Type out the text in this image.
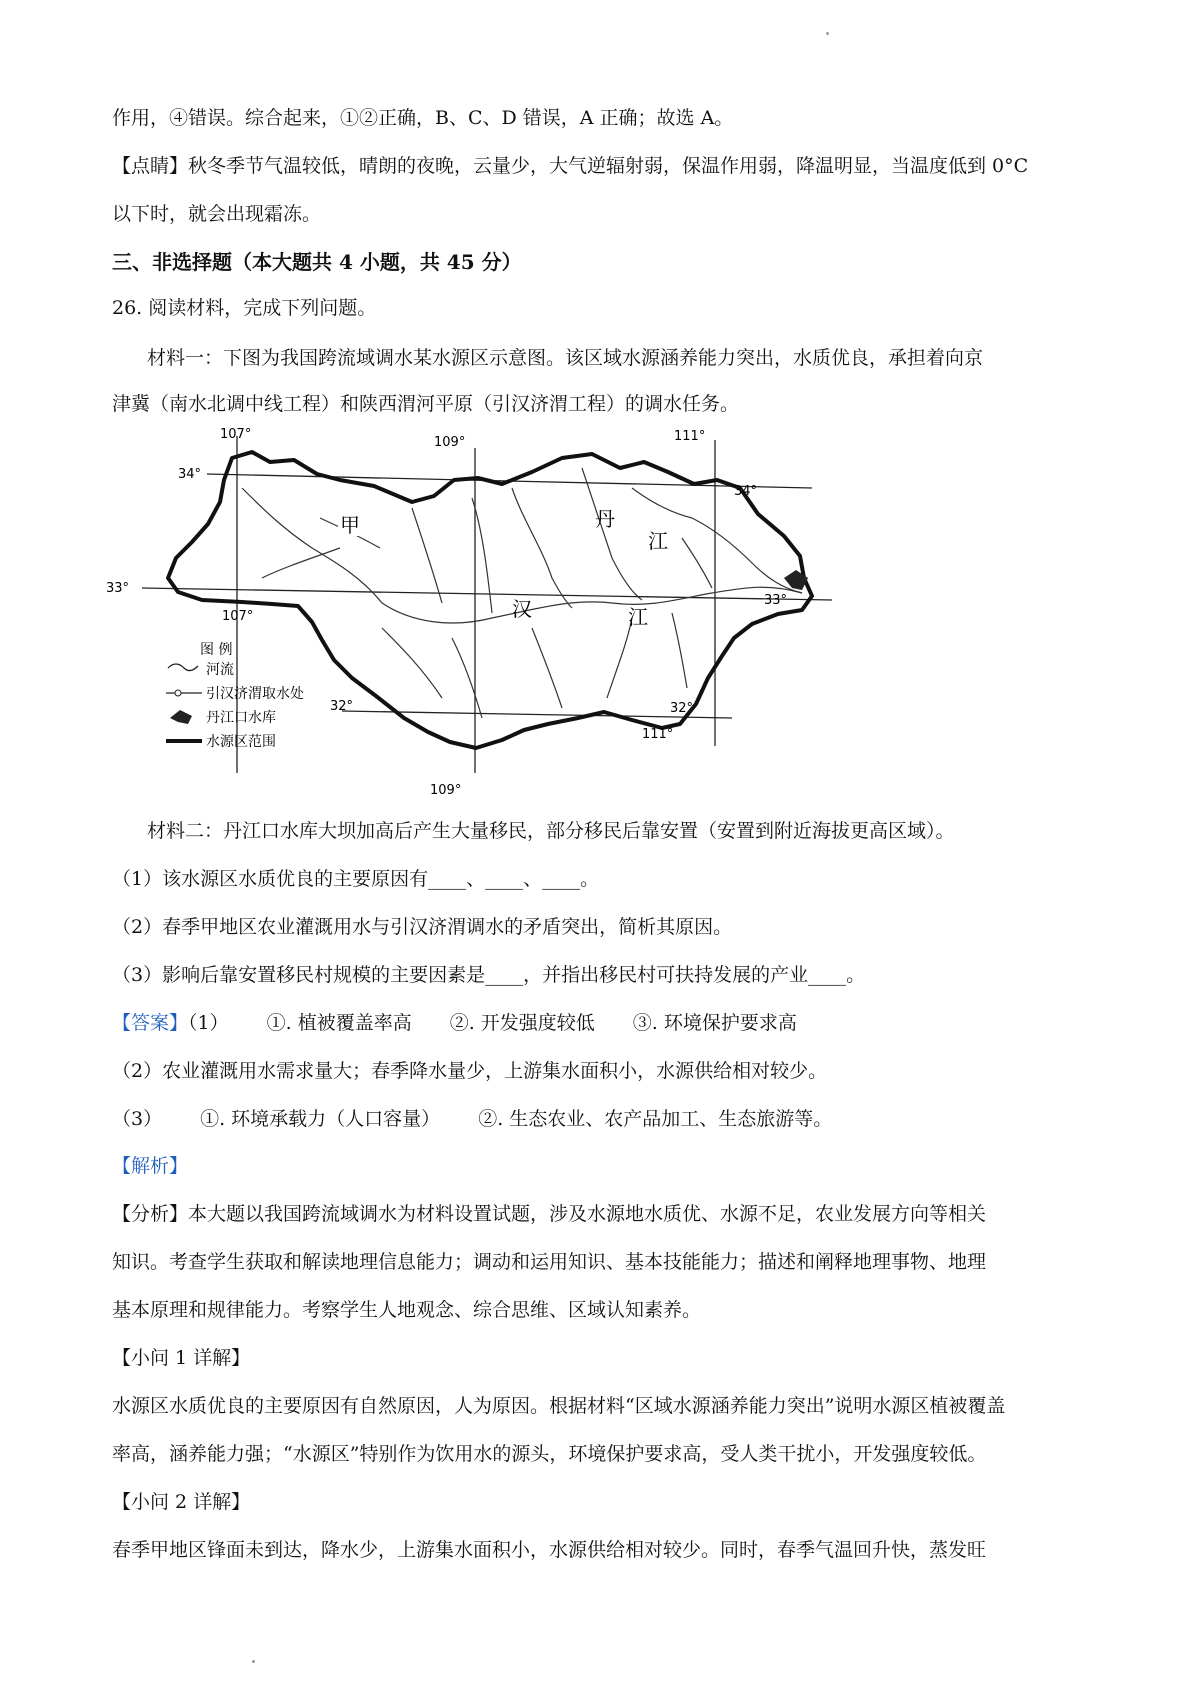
作用，④错误。综合起来，①②正确，B、C、D 错误，A 正确；故选 A。
【点睛】秋冬季节气温较低，晴朗的夜晚，云量少，大气逆辐射弱，保温作用弱，降温明显，当温度低到 0°C
以下时，就会出现霜冻。
三、非选择题（本大题共 4 小题，共 45 分）
26. 阅读材料，完成下列问题。
材料一：下图为我国跨流域调水某水源区示意图。该区域水源涵养能力突出，水质优良，承担着向京
津冀（南水北调中线工程）和陕西渭河平原（引汉济渭工程）的调水任务。
107°
107°
109°
109°
111°
111°
34°
34°
33°
33°
32°	32°
甲	丹
江
汉	江
图 例
河流
引汉济渭取水处
丹江口水库
水源区范围
材料二：丹江口水库大坝加高后产生大量移民，部分移民后靠安置（安置到附近海拔更高区域）。
（1）该水源区水质优良的主要原因有____、____、____。
（2）春季甲地区农业灌溉用水与引汉济渭调水的矛盾突出，简析其原因。
（3）影响后靠安置移民村规模的主要因素是____，并指出移民村可扶持发展的产业____。
【答案】（1） ①. 植被覆盖率高 ②. 开发强度较低 ③. 环境保护要求高
（2）农业灌溉用水需求量大；春季降水量少，上游集水面积小，水源供给相对较少。
（3） ①. 环境承载力（人口容量） ②. 生态农业、农产品加工、生态旅游等。
【解析】
【分析】本大题以我国跨流域调水为材料设置试题，涉及水源地水质优、水源不足，农业发展方向等相关
知识。考查学生获取和解读地理信息能力；调动和运用知识、基本技能能力；描述和阐释地理事物、地理
基本原理和规律能力。考察学生人地观念、综合思维、区域认知素养。
【小问 1 详解】
水源区水质优良的主要原因有自然原因，人为原因。根据材料“区域水源涵养能力突出”说明水源区植被覆盖
率高，涵养能力强；“水源区”特别作为饮用水的源头，环境保护要求高，受人类干扰小，开发强度较低。
【小问 2 详解】
春季甲地区锋面未到达，降水少，上游集水面积小，水源供给相对较少。同时，春季气温回升快，蒸发旺
